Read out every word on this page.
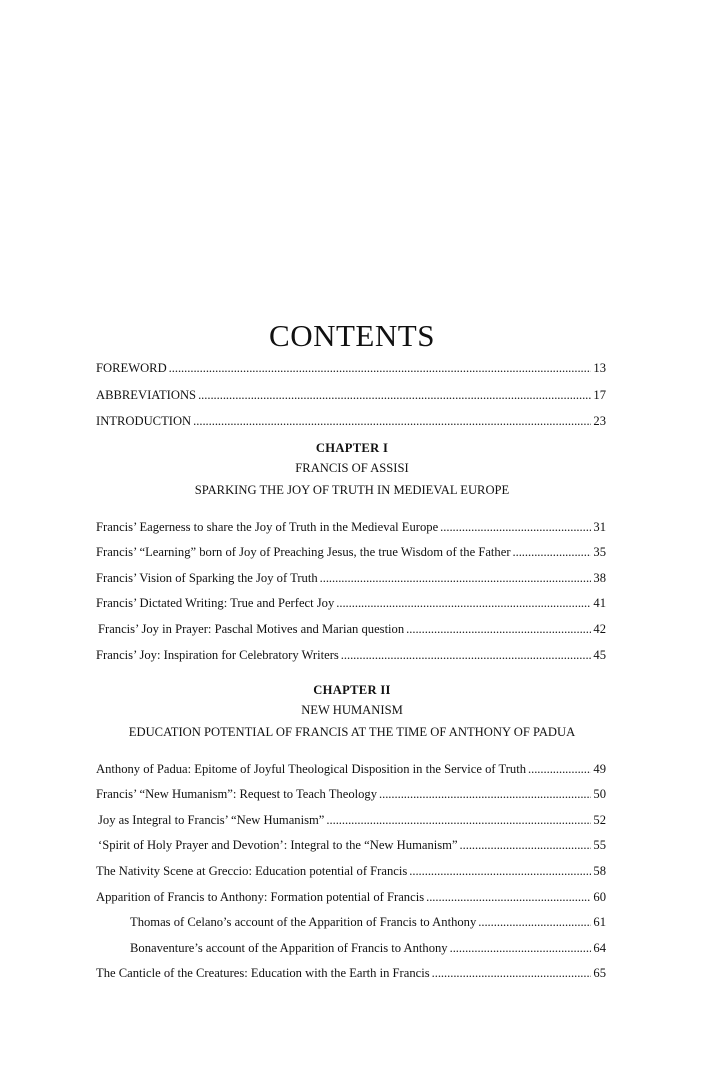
CONTENTS
FOREWORD . . .	13
ABBREVIATIONS . . .	17
INTRODUCTION . . .	23
CHAPTER I
FRANCIS OF ASSISI
SPARKING THE JOY OF TRUTH IN MEDIEVAL EUROPE
Francis’ Eagerness to share the Joy of Truth in the Medieval Europe . . .	31
Francis’ “Learning” born of Joy of Preaching Jesus, the true Wisdom of the Father . . .	35
Francis’ Vision of Sparking the Joy of Truth . . .	38
Francis’ Dictated Writing: True and Perfect Joy . . .	41
Francis’ Joy in Prayer: Paschal Motives and Marian question . . .	42
Francis’ Joy: Inspiration for Celebratory Writers . . .	45
CHAPTER II
NEW HUMANISM
EDUCATION POTENTIAL OF FRANCIS AT THE TIME OF ANTHONY OF PADUA
Anthony of Padua: Epitome of Joyful Theological Disposition in the Service of Truth . . .	49
Francis’ “New Humanism”: Request to Teach Theology . . .	50
Joy as Integral to Francis’ “New Humanism” . . .	52
‘Spirit of Holy Prayer and Devotion’: Integral to the “New Humanism” . . .	55
The Nativity Scene at Greccio: Education potential of Francis . . .	58
Apparition of Francis to Anthony: Formation potential of Francis . . .	60
Thomas of Celano’s account of the Apparition of Francis to Anthony . . .	61
Bonaventure’s account of the Apparition of Francis to Anthony . . .	64
The Canticle of the Creatures: Education with the Earth in Francis . . .	65
